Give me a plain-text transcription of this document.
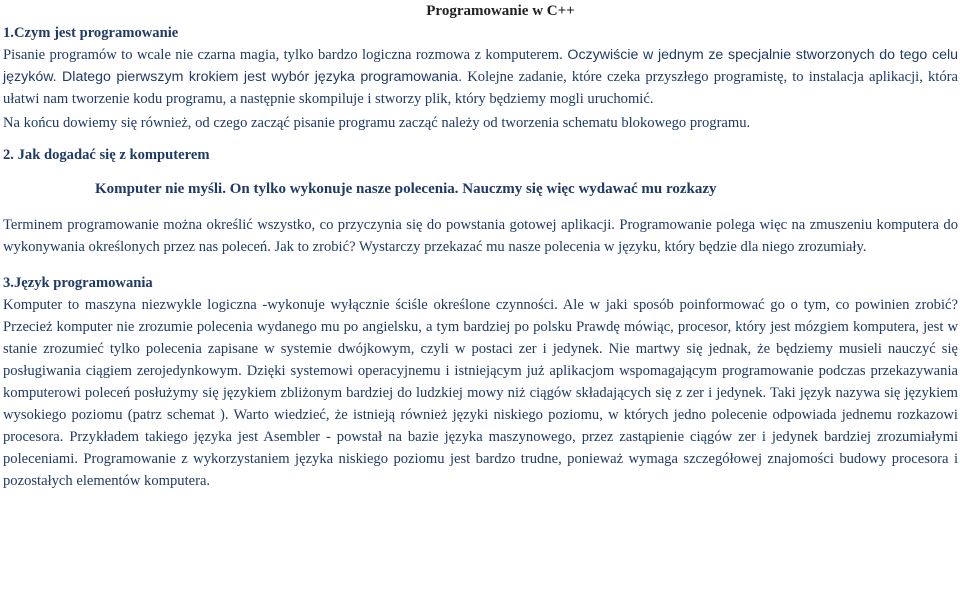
Programowanie w C++
1.Czym jest programowanie

Pisanie programów to wcale nie czarna magia, tylko bardzo logiczna rozmowa z komputerem. Oczywiście w jednym ze specjalnie stworzonych do tego celu języków. Dlatego pierwszym krokiem jest wybór języka programowania. Kolejne zadanie, które czeka przyszłego programistę, to instalacja aplikacji, która ułatwi nam tworzenie kodu programu, a następnie skompiluje i stworzy plik, który będziemy mogli uruchomić.

Na końcu dowiemy się również, od czego zacząć pisanie programu zacząć należy od tworzenia schematu blokowego programu.

2. Jak dogadać się z komputerem
Komputer nie myśli. On tylko wykonuje nasze polecenia. Nauczmy się więc wydawać mu rozkazy

Terminem programowanie można określić wszystko, co przyczynia się do powstania gotowej aplikacji. Programowanie polega więc na zmuszeniu komputera do wykonywania określonych przez nas poleceń. Jak to zrobić? Wystarczy przekazać mu nasze polecenia w języku, który będzie dla niego zrozumiały.

3.Język programowania

Komputer to maszyna niezwykle logiczna -wykonuje wyłącznie ściśle określone czynności. Ale w jaki sposób poinformować go o tym, co powinien zrobić? Przecież komputer nie zrozumie polecenia wydanego mu po angielsku, a tym bardziej po polsku Prawdę mówiąc, procesor, który jest mózgiem komputera, jest w stanie zrozumieć tylko polecenia zapisane w systemie dwójkowym, czyli w postaci zer i jedynek. Nie martwy się jednak, że będziemy musieli nauczyć się posługiwania ciągiem zerojedynkowym. Dzięki systemowi operacyjnemu i istniejącym już aplikacjom wspomagającym programowanie podczas przekazywania komputerowi poleceń posłużymy się językiem zbliżonym bardziej do ludzkiej mowy niż ciągów składających się z zer i jedynek. Taki język nazywa się językiem wysokiego poziomu (patrz schemat ). Warto wiedzieć, że istnieją również języki niskiego poziomu, w których jedno polecenie odpowiada jednemu rozkazowi procesora. Przykładem takiego języka jest Asembler - powstał na bazie języka maszynowego, przez zastąpienie ciągów zer i jedynek bardziej zrozumiałymi poleceniami. Programowanie z wykorzystaniem języka niskiego poziomu jest bardzo trudne, ponieważ wymaga szczegółowej znajomości budowy procesora i pozostałych elementów komputera.
